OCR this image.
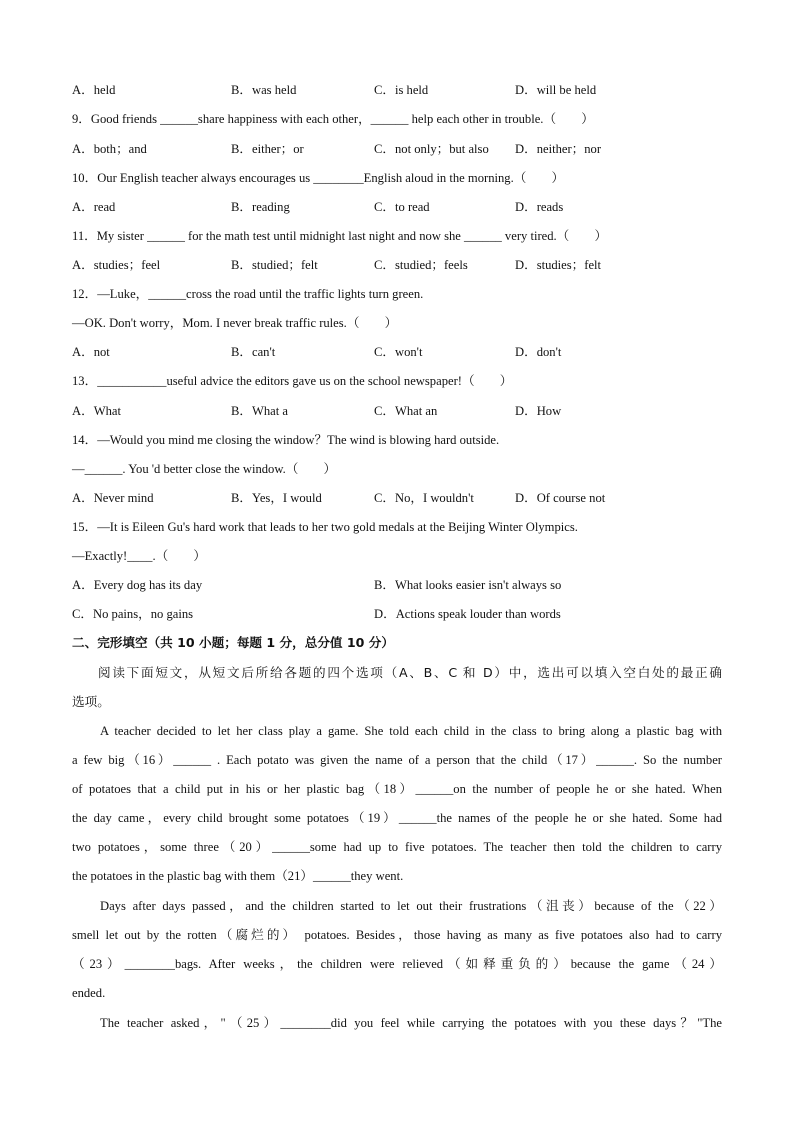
A．held	B．was held	C．is held	D．will be held
9．Good friends ______share happiness with each other，______ help each other in trouble.（　　）
A．both；and	B．either；or	C．not only；but also D．neither；nor
10．Our English teacher always encourages us ________English aloud in the morning.（　　）
A．read	B．reading	C．to read	D．reads
11．My sister ______ for the math test until midnight last night and now she ______ very tired.（　　）
A．studies；feel	B．studied；felt	C．studied；feels	D．studies；felt
12．—Luke，______cross the road until the traffic lights turn green.
—OK. Don't worry，Mom. I never break traffic rules.（　　）
A．not	B．can't	C．won't	D．don't
13．___________useful advice the editors gave us on the school newspaper!（　　）
A．What	B．What a	C．What an	D．How
14．—Would you mind me closing the window？The wind is blowing hard outside.
—______. You 'd better close the window.（　　）
A．Never mind	B．Yes，I would	C．No，I wouldn't	D．Of course not
15．—It is Eileen Gu's hard work that leads to her two gold medals at the Beijing Winter Olympics.
—Exactly!____.（　　）
A．Every dog has its day	B．What looks easier isn't always so
C．No pains，no gains	D．Actions speak louder than words
二、完形填空（共 10 小题；每题 1 分，总分值 10 分）
阅读下面短文，从短文后所给各题的四个选项（A、B、C 和 D）中，选出可以填入空白处的最正确
选项。
A teacher decided to let her class play a game. She told each child in the class to bring along a plastic bag with
a few big（16）______ . Each potato was given the name of a person that the child（17）______. So the number
of potatoes that a child put in his or her plastic bag（18）______on the number of people he or she hated. When
the day came，every child brought some potatoes（19）______the names of the people he or she hated. Some had
two potatoes，some three（20）______some had up to five potatoes. The teacher then told the children to carry
the potatoes in the plastic bag with them（21）______they went.
Days after days passed，and the children started to let out their frustrations（沮丧）because of the（22）
smell let out by the rotten（腐烂的） potatoes. Besides，those having as many as five potatoes also had to carry
（23）________bags. After weeks，the children were relieved（如释重负的）because the game（24）
ended.
The teacher asked，"（25）________did you feel while carrying the potatoes with you these days？"The
